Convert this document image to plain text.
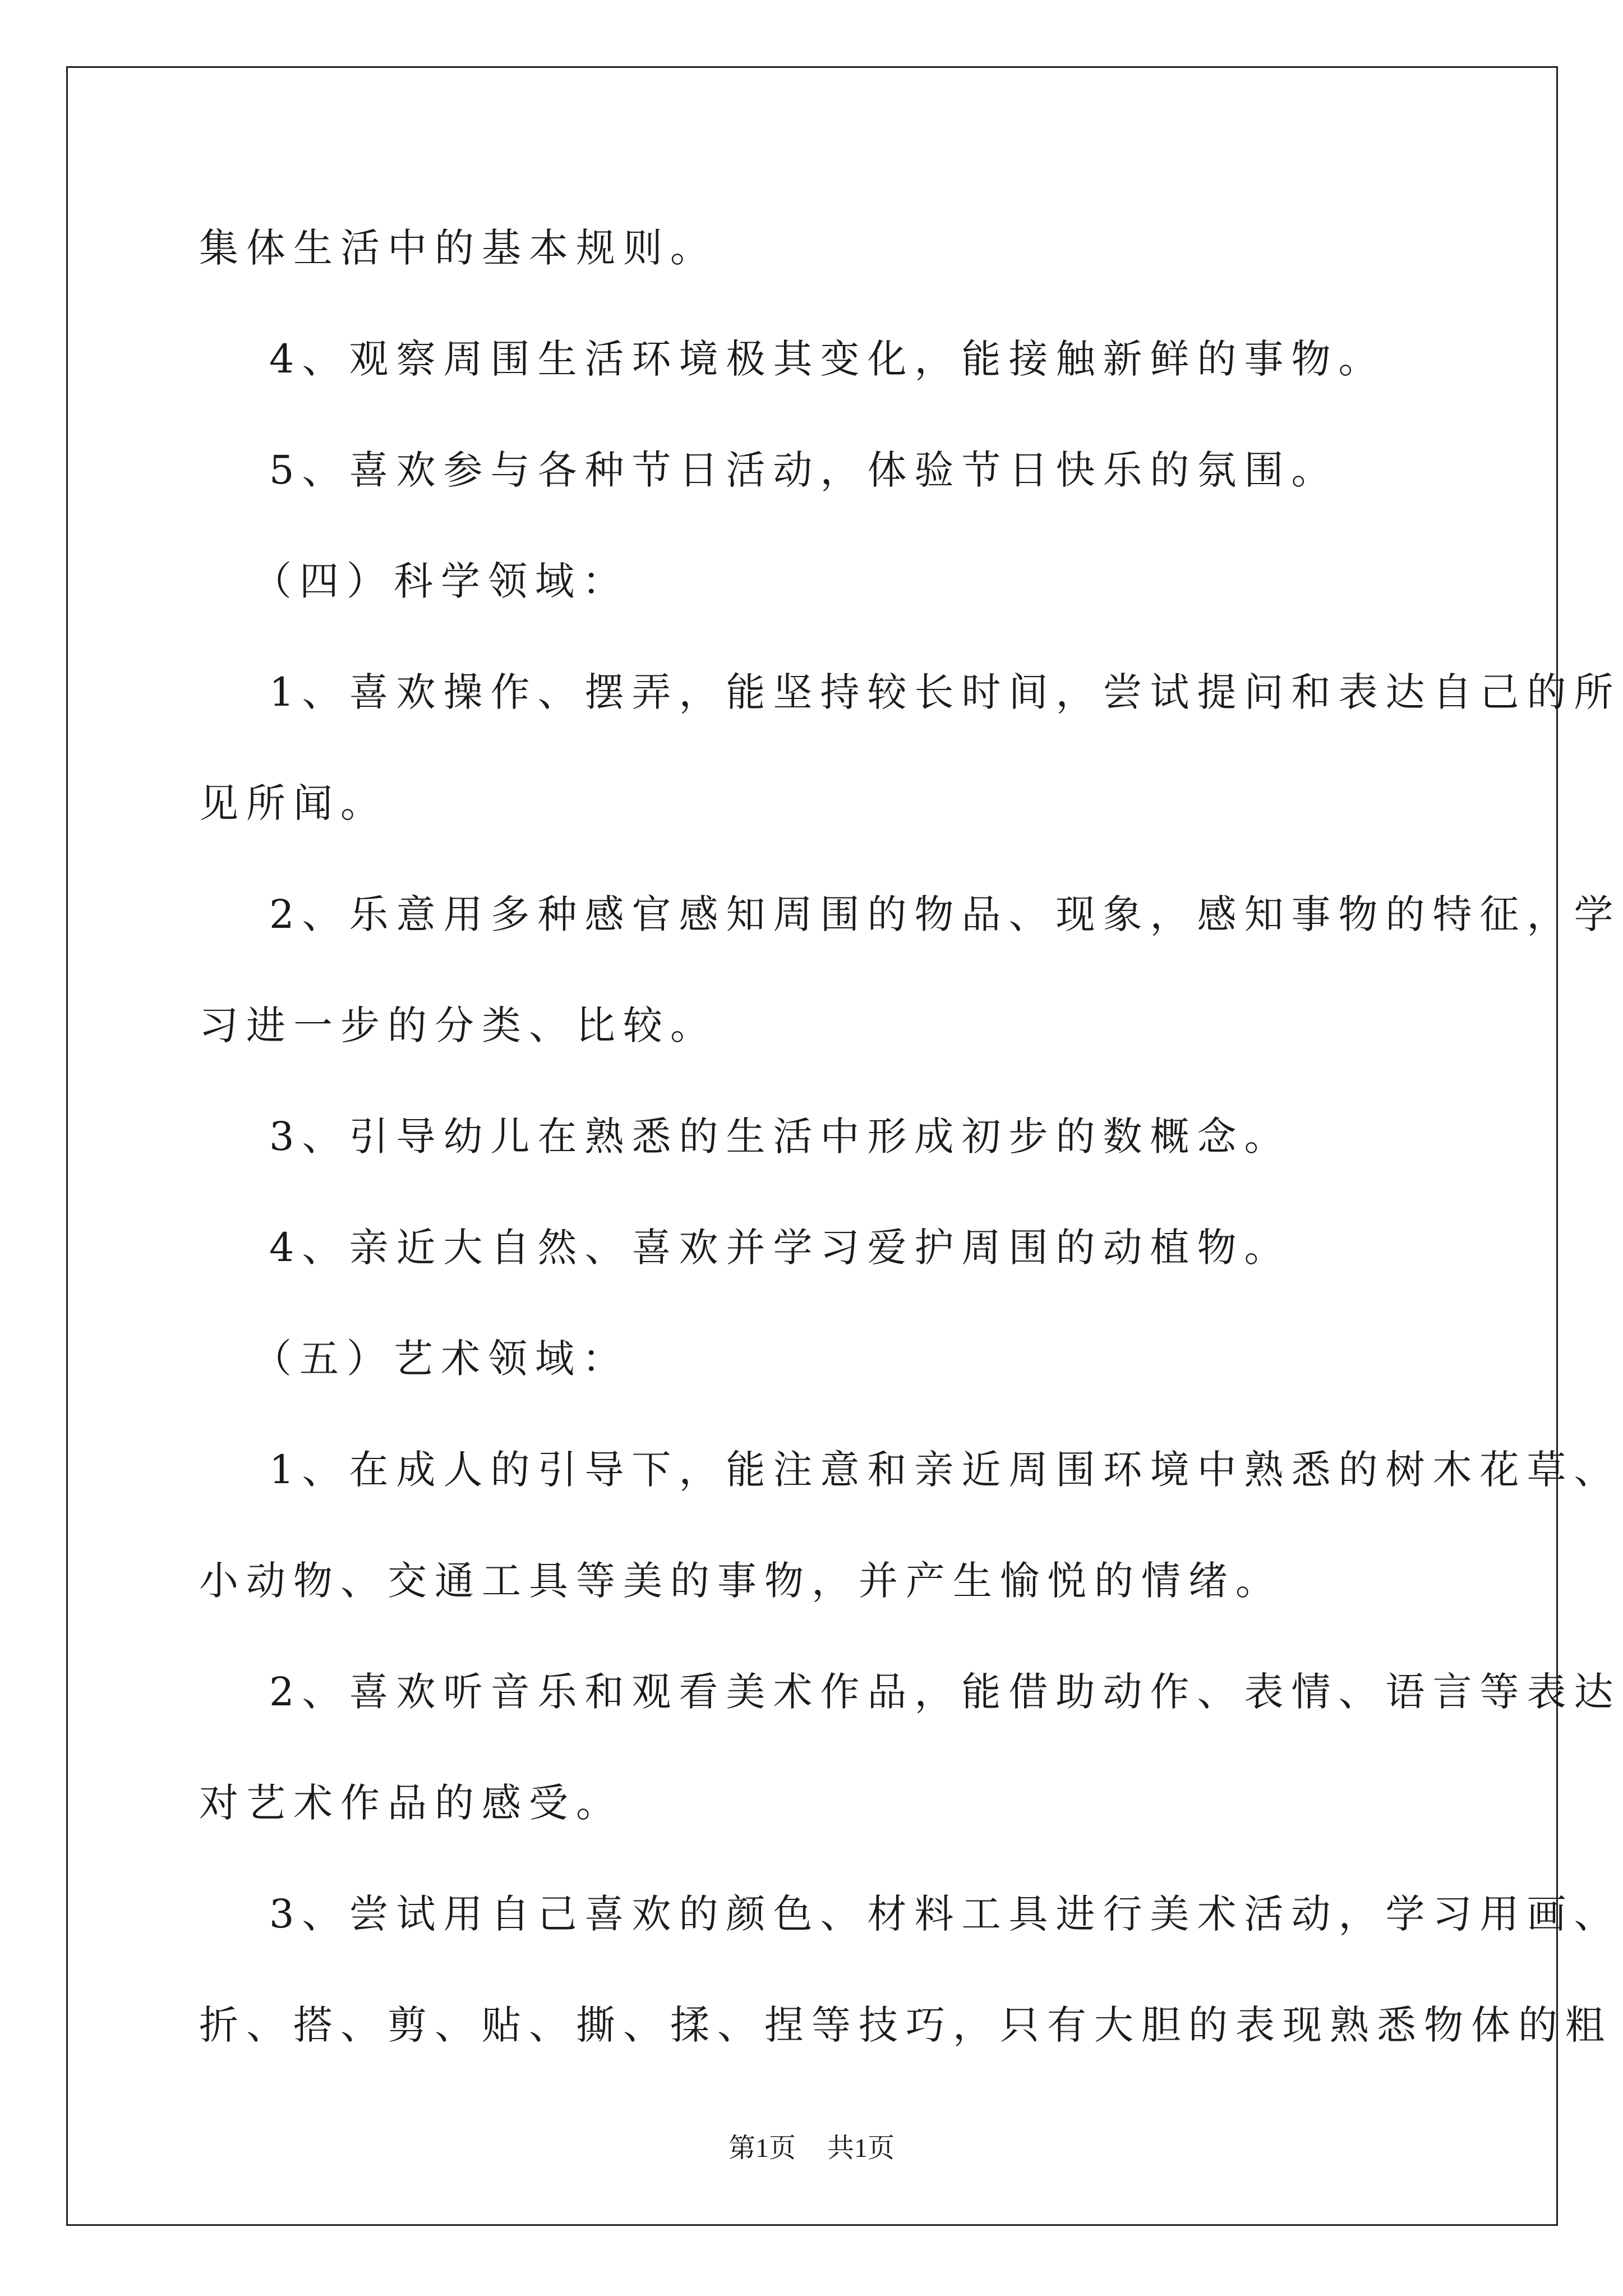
集体生活中的基本规则。
4、观察周围生活环境极其变化，能接触新鲜的事物。
5、喜欢参与各种节日活动，体验节日快乐的氛围。
（四）科学领域：
1、喜欢操作、摆弄，能坚持较长时间，尝试提问和表达自己的所
见所闻。
2、乐意用多种感官感知周围的物品、现象，感知事物的特征，学
习进一步的分类、比较。
3、引导幼儿在熟悉的生活中形成初步的数概念。
4、亲近大自然、喜欢并学习爱护周围的动植物。
（五）艺术领域：
1、在成人的引导下，能注意和亲近周围环境中熟悉的树木花草、
小动物、交通工具等美的事物，并产生愉悦的情绪。
2、喜欢听音乐和观看美术作品，能借助动作、表情、语言等表达
对艺术作品的感受。
3、尝试用自己喜欢的颜色、材料工具进行美术活动，学习用画、
折、搭、剪、贴、撕、揉、捏等技巧，只有大胆的表现熟悉物体的粗
第1页 共1页
